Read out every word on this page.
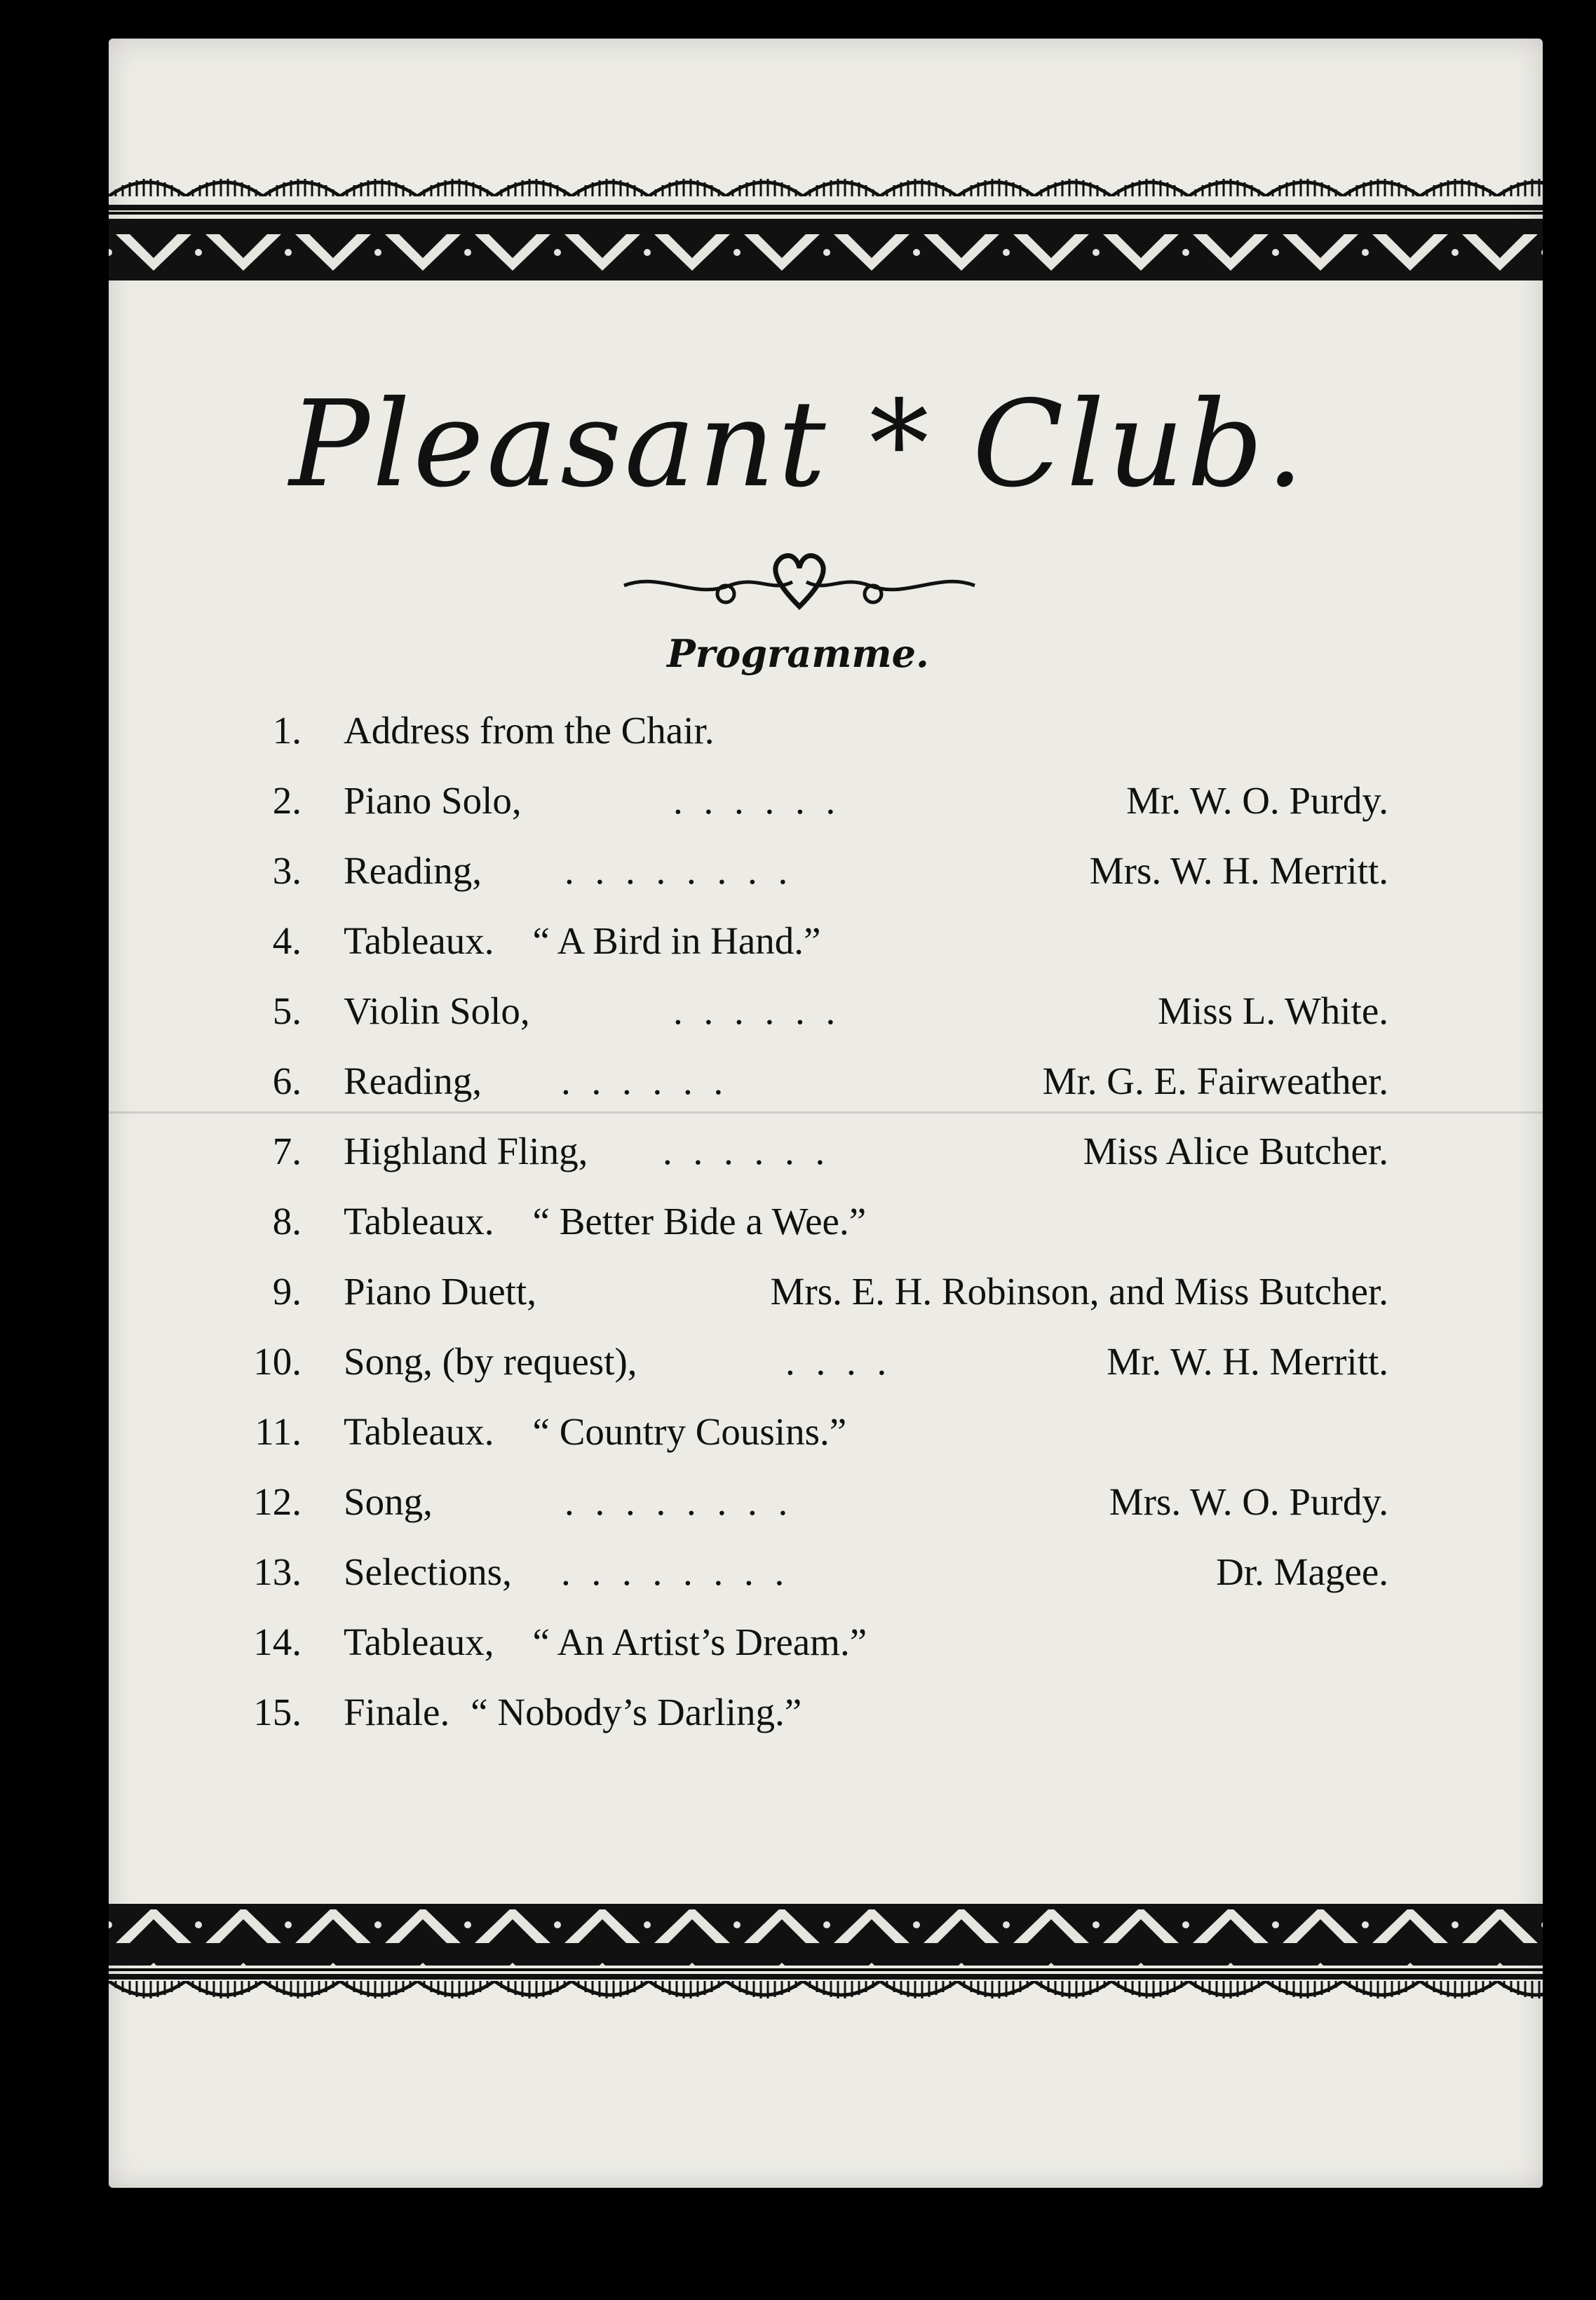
Pleasant * Club.
Programme.
1. Address from the Chair.
2. Piano Solo,	. . . . . .	Mr. W. O. Purdy.
3. Reading,	. . . . . . . .	Mrs. W. H. Merritt.
4. Tableaux. “ A Bird in Hand.”
5. Violin Solo,	. . . . . .	Miss L. White.
6. Reading,	. . . . . .	Mr. G. E. Fairweather.
7. Highland Fling,	. . . . . .	Miss Alice Butcher.
8. Tableaux. “ Better Bide a Wee.”
9. Piano Duett,	Mrs. E. H. Robinson, and Miss Butcher.
10. Song, (by request),	. . . .	Mr. W. H. Merritt.
11. Tableaux. “ Country Cousins.”
12. Song,	. . . . . . . .	Mrs. W. O. Purdy.
13. Selections,	. . . . . . . .	Dr. Magee.
14. Tableaux, “ An Artist’s Dream.”
15. Finale. “ Nobody’s Darling.”
